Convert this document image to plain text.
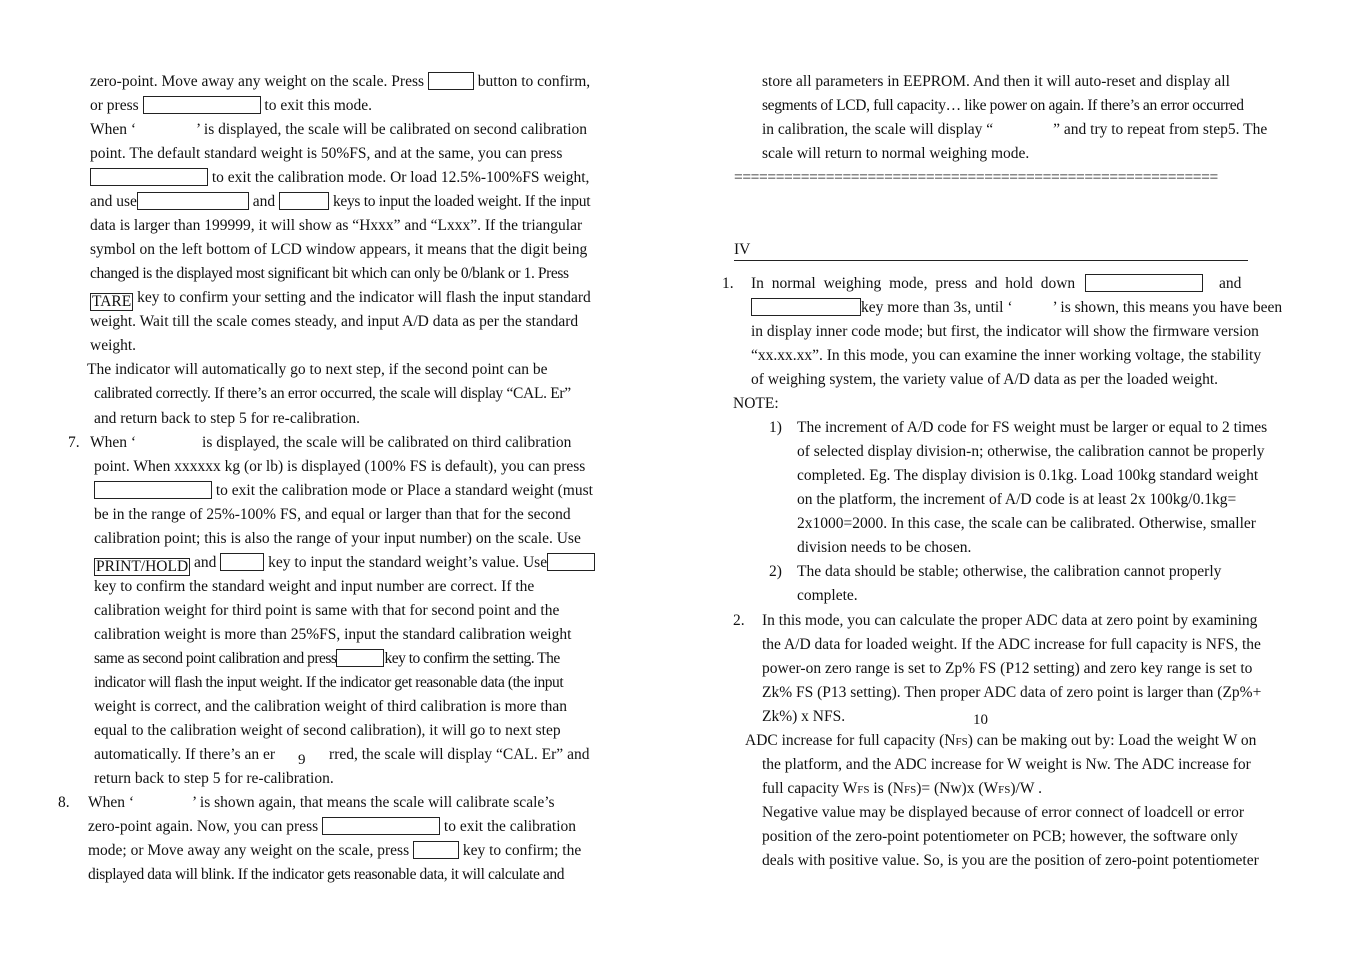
zero-point. Move away any weight on the scale. Press	button to confirm,
or press	to exit this mode.
When ‘	’ is displayed, the scale will be calibrated on second calibration
point. The default standard weight is 50%FS, and at the same, you can press
to exit the calibration mode. Or load 12.5%-100%FS weight,
and use	and	keys to input the loaded weight. If the input
data is larger than 199999, it will show as “Hxxx” and “Lxxx”. If the triangular
symbol on the left bottom of LCD window appears, it means that the digit being
changed is the displayed most significant bit which can only be 0/blank or 1. Press
TARE key to confirm your setting and the indicator will flash the input standard
weight. Wait till the scale comes steady, and input A/D data as per the standard
weight.
The indicator will automatically go to next step, if the second point can be
calibrated correctly. If there’s an error occurred, the scale will display “CAL. Er”
and return back to step 5 for re-calibration.
7. When ‘	is displayed, the scale will be calibrated on third calibration
point. When xxxxxx kg (or lb) is displayed (100% FS is default), you can press
to exit the calibration mode or Place a standard weight (must
be in the range of 25%-100% FS, and equal or larger than that for the second
calibration point; this is also the range of your input number) on the scale. Use
PRINT/HOLD and	key to input the standard weight’s value. Use
key to confirm the standard weight and input number are correct. If the
calibration weight for third point is same with that for second point and the
calibration weight is more than 25%FS, input the standard calibration weight
same as second point calibration and press	key to confirm the setting. The
indicator will flash the input weight. If the indicator get reasonable data (the input
weight is correct, and the calibration weight of third calibration is more than
equal to the calibration weight of second calibration), it will go to next step
automatically. If there’s an er	rred, the scale will display “CAL. Er” and
9
return back to step 5 for re-calibration.
8. When ‘	’ is shown again, that means the scale will calibrate scale’s
zero-point again. Now, you can press	to exit the calibration
mode; or Move away any weight on the scale, press	key to confirm; the
displayed data will blink. If the indicator gets reasonable data, it will calculate and
store all parameters in EEPROM. And then it will auto-reset and display all
segments of LCD, full capacity… like power on again. If there’s an error occurred
in calibration, the scale will display “	” and try to repeat from step5. The
scale will return to normal weighing mode.
==========================================================
IV
1. In normal weighing mode, press and hold down	and
key more than 3s, until ‘	’ is shown, this means you have been
in display inner code mode; but first, the indicator will show the firmware version
“xx.xx.xx”. In this mode, you can examine the inner working voltage, the stability
of weighing system, the variety value of A/D data as per the loaded weight.
NOTE:
1) The increment of A/D code for FS weight must be larger or equal to 2 times
of selected display division-n; otherwise, the calibration cannot be properly
completed. Eg. The display division is 0.1kg. Load 100kg standard weight
on the platform, the increment of A/D code is at least 2x 100kg/0.1kg=
2x1000=2000. In this case, the scale can be calibrated. Otherwise, smaller
division needs to be chosen.
2) The data should be stable; otherwise, the calibration cannot properly
complete.
2. In this mode, you can calculate the proper ADC data at zero point by examining
the A/D data for loaded weight. If the ADC increase for full capacity is NFS, the
power-on zero range is set to Zp% FS (P12 setting) and zero key range is set to
Zk% FS (P13 setting). Then proper ADC data of zero point is larger than (Zp%+
Zk%) x NFS.	10
ADC increase for full capacity (NFS) can be making out by: Load the weight W on
the platform, and the ADC increase for W weight is Nw. The ADC increase for
full capacity WFS is (NFS)= (Nw)x (WFS)/W .
Negative value may be displayed because of error connect of loadcell or error
position of the zero-point potentiometer on PCB; however, the software only
deals with positive value. So, is you are the position of zero-point potentiometer
